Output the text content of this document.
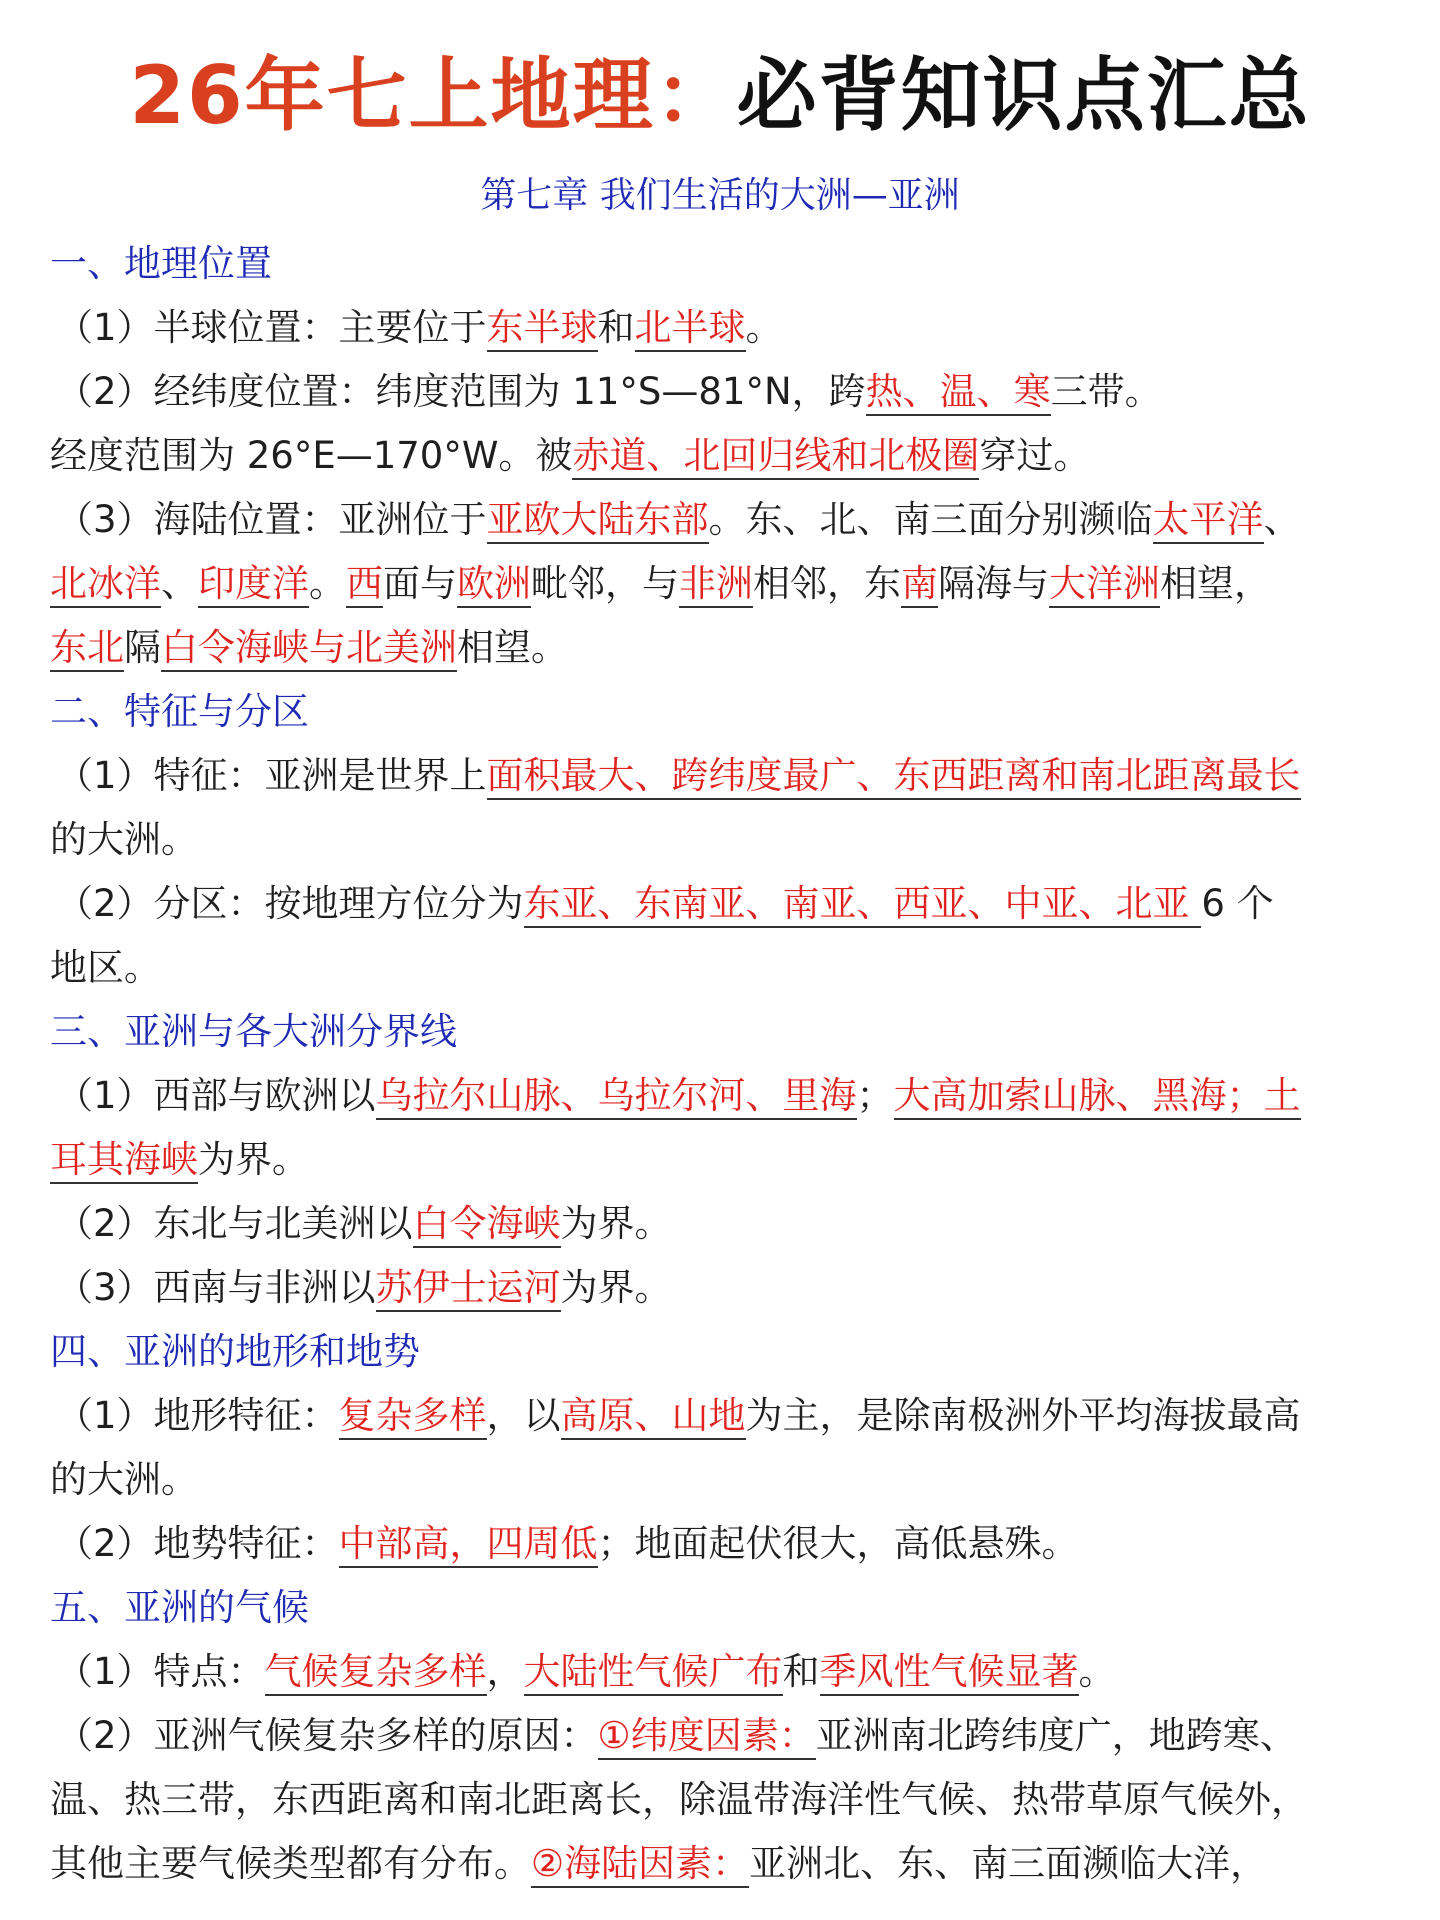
26年七上地理：必背知识点汇总
第七章 我们生活的大洲—亚洲
一、地理位置
（1）半球位置：主要位于东半球和北半球。
（2）经纬度位置：纬度范围为 11°S—81°N，跨热、温、寒三带。
经度范围为 26°E—170°W。被赤道、北回归线和北极圈穿过。
（3）海陆位置：亚洲位于亚欧大陆东部。东、北、南三面分别濒临太平洋、
北冰洋、印度洋。西面与欧洲毗邻，与非洲相邻，东南隔海与大洋洲相望，
东北隔白令海峡与北美洲相望。
二、特征与分区
（1）特征：亚洲是世界上面积最大、跨纬度最广、东西距离和南北距离最长
的大洲。
（2）分区：按地理方位分为东亚、东南亚、南亚、西亚、中亚、北亚 6 个
地区。
三、亚洲与各大洲分界线
（1）西部与欧洲以乌拉尔山脉、乌拉尔河、里海；大高加索山脉、黑海；土
耳其海峡为界。
（2）东北与北美洲以白令海峡为界。
（3）西南与非洲以苏伊士运河为界。
四、亚洲的地形和地势
（1）地形特征：复杂多样，以高原、山地为主，是除南极洲外平均海拔最高
的大洲。
（2）地势特征：中部高，四周低；地面起伏很大，高低悬殊。
五、亚洲的气候
（1）特点：气候复杂多样，大陆性气候广布和季风性气候显著。
（2）亚洲气候复杂多样的原因：①纬度因素：亚洲南北跨纬度广，地跨寒、
温、热三带，东西距离和南北距离长，除温带海洋性气候、热带草原气候外，
其他主要气候类型都有分布。②海陆因素：亚洲北、东、南三面濒临大洋，
